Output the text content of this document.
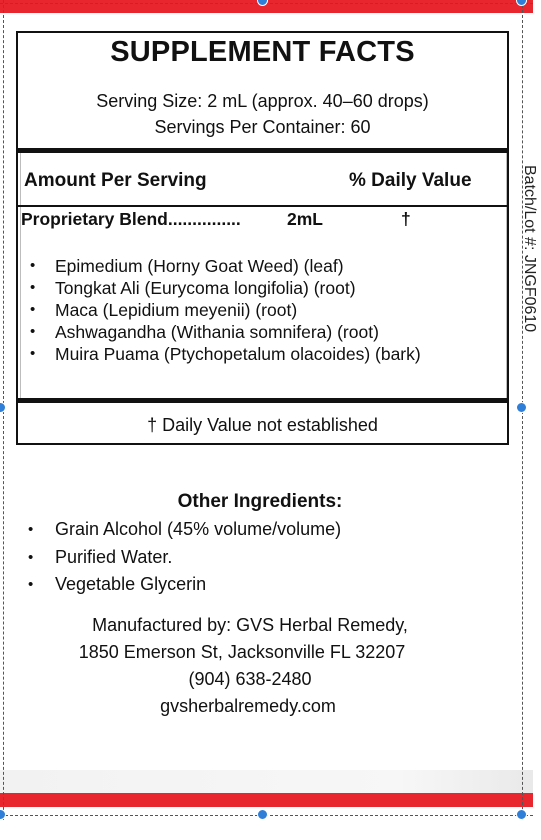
SUPPLEMENT FACTS
Serving Size: 2 mL (approx. 40–60 drops)
Servings Per Container: 60
Amount Per Serving	% Daily Value
Proprietary Blend...............	2mL	†
• Epimedium (Horny Goat Weed) (leaf)
• Tongkat Ali (Eurycoma longifolia) (root)
• Maca (Lepidium meyenii) (root)
• Ashwagandha (Withania somnifera) (root)
• Muira Puama (Ptychopetalum olacoides) (bark)
† Daily Value not established
Other Ingredients:
• Grain Alcohol (45% volume/volume)
• Purified Water.
• Vegetable Glycerin
Manufactured by: GVS Herbal Remedy,
1850 Emerson St, Jacksonville FL 32207
(904) 638-2480
gvsherbalremedy.com
Batch/Lot #: JNGF0610
